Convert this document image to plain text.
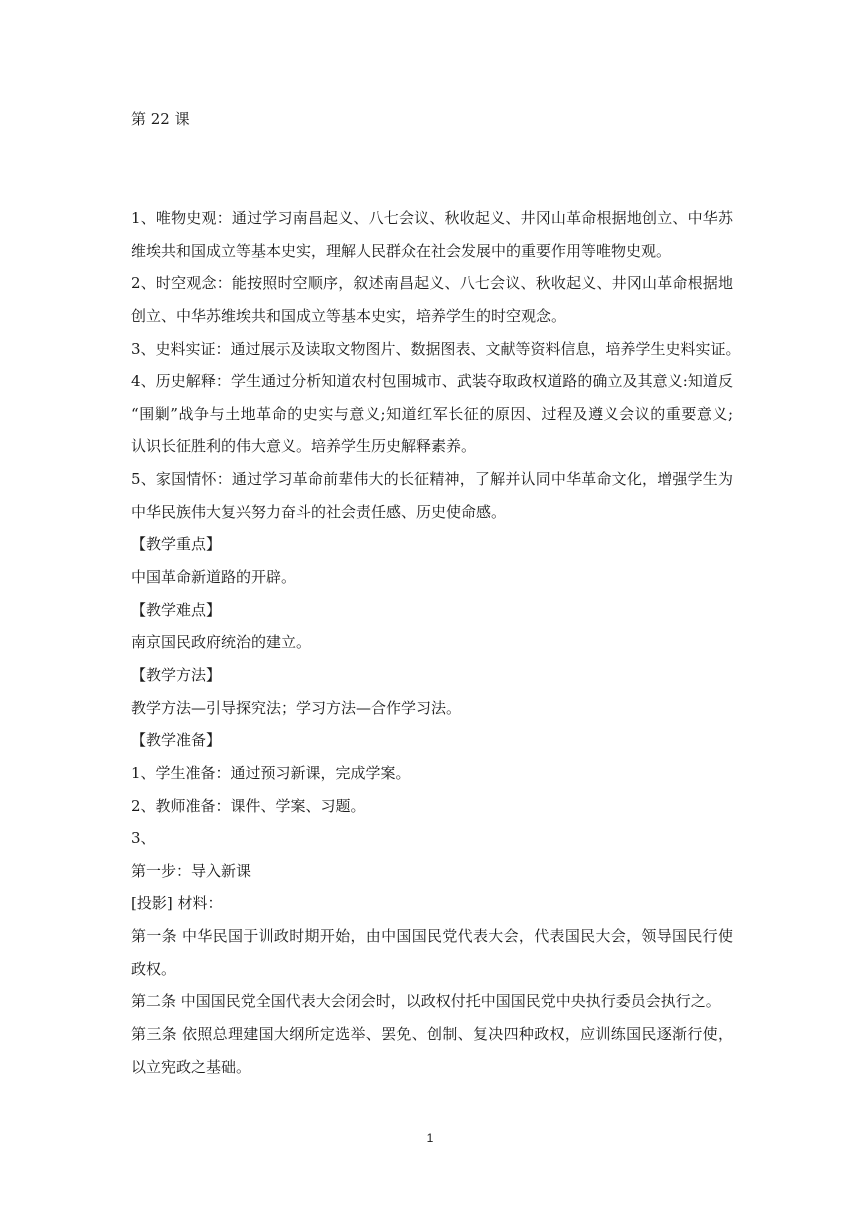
第 22 课
1、唯物史观：通过学习南昌起义、八七会议、秋收起义、井冈山革命根据地创立、中华苏
维埃共和国成立等基本史实，理解人民群众在社会发展中的重要作用等唯物史观。
2、时空观念：能按照时空顺序，叙述南昌起义、八七会议、秋收起义、井冈山革命根据地
创立、中华苏维埃共和国成立等基本史实，培养学生的时空观念。
3、史料实证：通过展示及读取文物图片、数据图表、文献等资料信息，培养学生史料实证。
4、历史解释：学生通过分析知道农村包围城市、武装夺取政权道路的确立及其意义:知道反
“围剿”战争与土地革命的史实与意义;知道红军长征的原因、过程及遵义会议的重要意义;
认识长征胜利的伟大意义。培养学生历史解释素养。
5、家国情怀：通过学习革命前辈伟大的长征精神，了解并认同中华革命文化，增强学生为
中华民族伟大复兴努力奋斗的社会责任感、历史使命感。
【教学重点】
中国革命新道路的开辟。
【教学难点】
南京国民政府统治的建立。
【教学方法】
教学方法—引导探究法；学习方法—合作学习法。
【教学准备】
1、学生准备：通过预习新课，完成学案。
2、教师准备：课件、学案、习题。
3、
第一步：导入新课
[投影] 材料：
第一条 中华民国于训政时期开始，由中国国民党代表大会，代表国民大会，领导国民行使
政权。
第二条 中国国民党全国代表大会闭会时，以政权付托中国国民党中央执行委员会执行之。
第三条 依照总理建国大纲所定选举、罢免、创制、复决四种政权，应训练国民逐渐行使，
以立宪政之基础。
1
